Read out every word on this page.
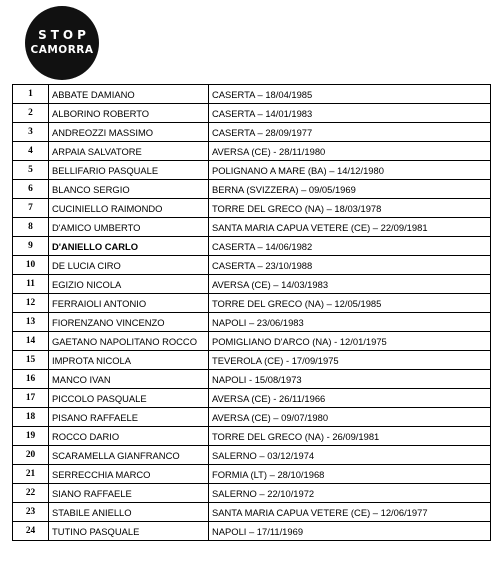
STOP
CAMORRA
1	ABBATE DAMIANO	CASERTA – 18/04/1985
2	ALBORINO ROBERTO	CASERTA – 14/01/1983
3	ANDREOZZI MASSIMO	CASERTA – 28/09/1977
4	ARPAIA SALVATORE	AVERSA (CE) - 28/11/1980
5	BELLIFARIO PASQUALE	POLIGNANO A MARE (BA) – 14/12/1980
6	BLANCO SERGIO	BERNA (SVIZZERA) – 09/05/1969
7	CUCINIELLO RAIMONDO	TORRE DEL GRECO (NA) – 18/03/1978
8	D'AMICO UMBERTO	SANTA MARIA CAPUA VETERE (CE) – 22/09/1981
9	D'ANIELLO CARLO	CASERTA – 14/06/1982
10	DE LUCIA CIRO	CASERTA – 23/10/1988
11	EGIZIO NICOLA	AVERSA (CE) – 14/03/1983
12	FERRAIOLI ANTONIO	TORRE DEL GRECO (NA) – 12/05/1985
13	FIORENZANO VINCENZO	NAPOLI – 23/06/1983
14	GAETANO NAPOLITANO ROCCO	POMIGLIANO D'ARCO (NA) - 12/01/1975
15	IMPROTA NICOLA	TEVEROLA (CE) - 17/09/1975
16	MANCO IVAN	NAPOLI - 15/08/1973
17	PICCOLO PASQUALE	AVERSA (CE) - 26/11/1966
18	PISANO RAFFAELE	AVERSA (CE) – 09/07/1980
19	ROCCO DARIO	TORRE DEL GRECO (NA) - 26/09/1981
20	SCARAMELLA GIANFRANCO	SALERNO – 03/12/1974
21	SERRECCHIA MARCO	FORMIA (LT) – 28/10/1968
22	SIANO RAFFAELE	SALERNO – 22/10/1972
23	STABILE ANIELLO	SANTA MARIA CAPUA VETERE (CE) – 12/06/1977
24	TUTINO PASQUALE	NAPOLI – 17/11/1969
